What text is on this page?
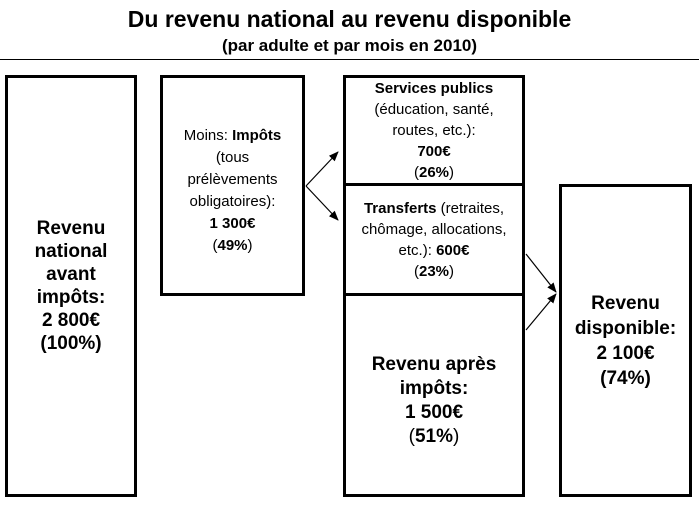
Du revenu national au revenu disponible
(par adulte et par mois en 2010)
Revenu
national
avant
impôts:
2 800€
(100%)
Moins: Impôts
(tous
prélèvements
obligatoires):
1 300€
(49%)
Services publics
(éducation, santé,
routes, etc.):
700€
(26%)
Transferts (retraites,
chômage, allocations,
etc.): 600€
(23%)
Revenu après
impôts:
1 500€
(51%)
Revenu
disponible:
2 100€
(74%)
